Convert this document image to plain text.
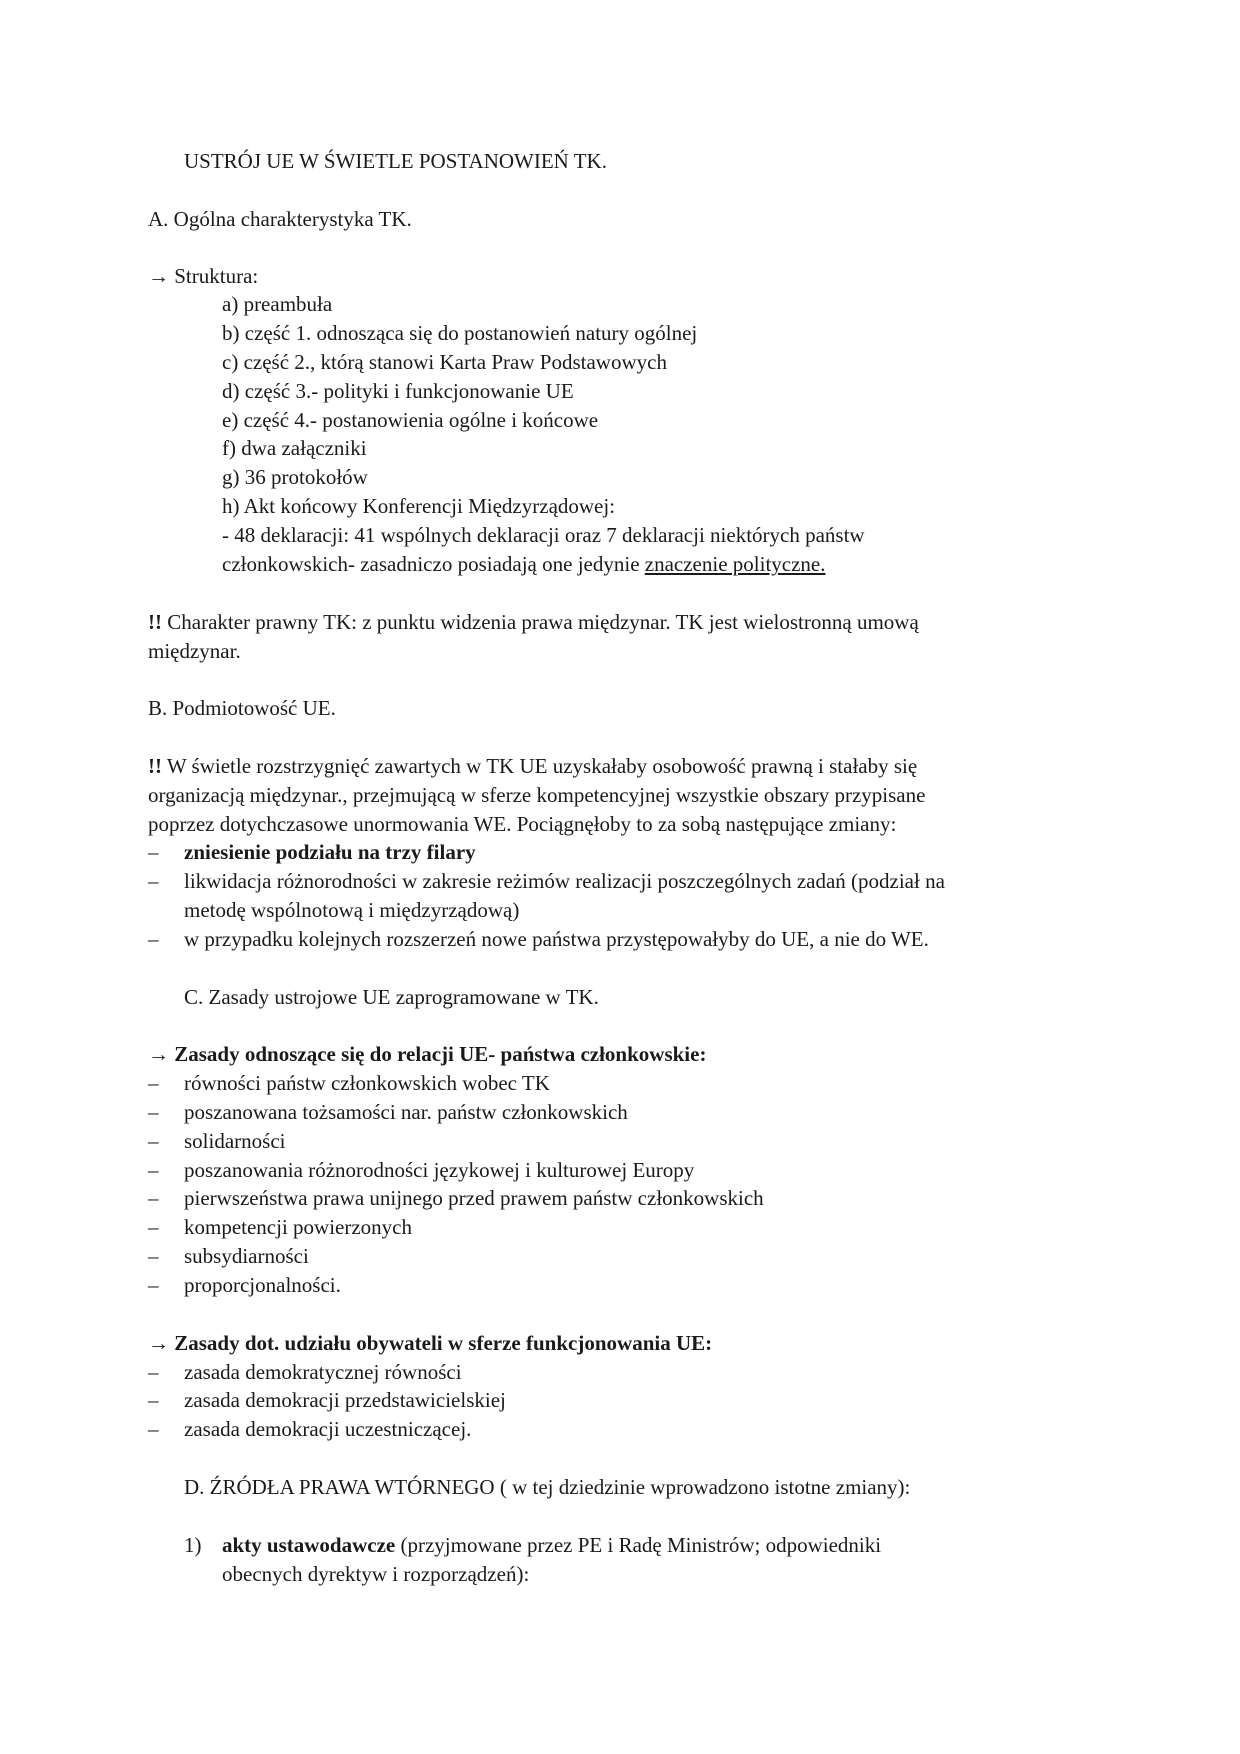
USTRÓJ UE W ŚWIETLE POSTANOWIEŃ TK.
A. Ogólna charakterystyka TK.
→ Struktura:
a) preambuła
b) część 1. odnosząca się do postanowień natury ogólnej
c) część 2., którą stanowi Karta Praw Podstawowych
d) część 3.- polityki i funkcjonowanie UE
e) część 4.- postanowienia ogólne i końcowe
f) dwa załączniki
g) 36 protokołów
h) Akt końcowy Konferencji Międzyrządowej:
- 48 deklaracji: 41 wspólnych deklaracji oraz 7 deklaracji niektórych państw
członkowskich- zasadniczo posiadają one jedynie znaczenie polityczne.
!! Charakter prawny TK: z punktu widzenia prawa międzynar. TK jest wielostronną umową
międzynar.
B. Podmiotowość UE.
!! W świetle rozstrzygnięć zawartych w TK UE uzyskałaby osobowość prawną i stałaby się
organizacją międzynar., przejmującą w sferze kompetencyjnej wszystkie obszary przypisane
poprzez dotychczasowe unormowania WE. Pociągnęłoby to za sobą następujące zmiany:
– zniesienie podziału na trzy filary
– likwidacja różnorodności w zakresie reżimów realizacji poszczególnych zadań (podział na
metodę wspólnotową i międzyrządową)
– w przypadku kolejnych rozszerzeń nowe państwa przystępowałyby do UE, a nie do WE.
C. Zasady ustrojowe UE zaprogramowane w TK.
→ Zasady odnoszące się do relacji UE- państwa członkowskie:
– równości państw członkowskich wobec TK
– poszanowana tożsamości nar. państw członkowskich
– solidarności
– poszanowania różnorodności językowej i kulturowej Europy
– pierwszeństwa prawa unijnego przed prawem państw członkowskich
– kompetencji powierzonych
– subsydiarności
– proporcjonalności.
→ Zasady dot. udziału obywateli w sferze funkcjonowania UE:
– zasada demokratycznej równości
– zasada demokracji przedstawicielskiej
– zasada demokracji uczestniczącej.
D. ŹRÓDŁA PRAWA WTÓRNEGO ( w tej dziedzinie wprowadzono istotne zmiany):
1) akty ustawodawcze (przyjmowane przez PE i Radę Ministrów; odpowiedniki
obecnych dyrektyw i rozporządzeń):
